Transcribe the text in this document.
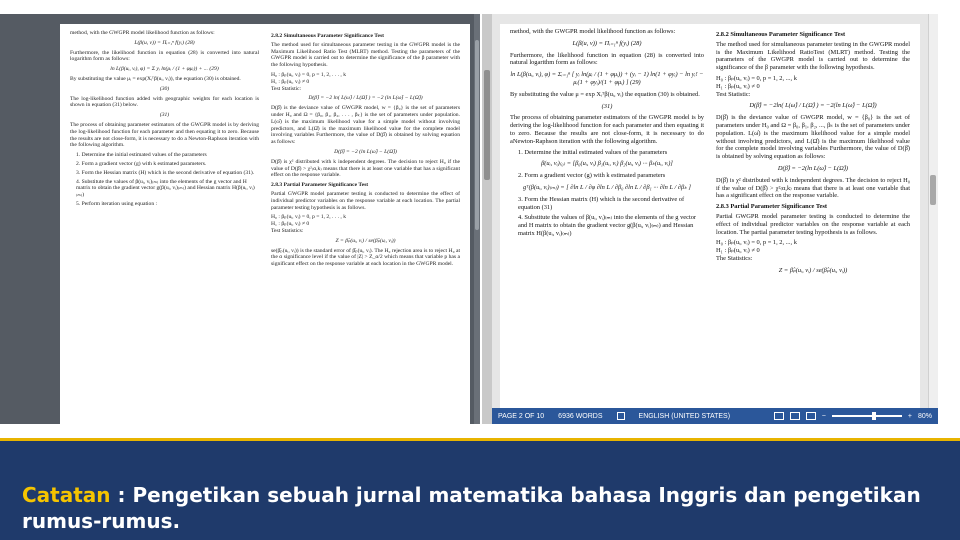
method, with the GWGPR model likelihood function as follows:

L(β(u, v)) = Πᵢ₌₁ⁿ f(yᵢ) (28)

Furthermore, the likelihood function in equation (28) is converted into natural logarithm form as follows:

ln L(β(uᵢ, vᵢ), φ) = Σ yᵢ ln(μᵢ / (1 + φμᵢ)) + ... (29)

By substituting the value μᵢ = exp(Xᵢᵀβ(uᵢ, vᵢ)), the equation (30) is obtained.

(30)

The log-likelihood function added with geographic weights for each location is shown in equation (31) below.

(31)

The process of obtaining parameter estimators of the GWGPR model is by deriving the log-likelihood function for each parameter and then equating it to zero. Because the results are not close-form, it is necessary to do a Newton-Raphson iteration with the following algorithm.

1. Determine the initial estimated values of the parameters
2. Form a gradient vector (g) with k estimated parameters.
3. Form the Hessian matrix (H) which is the second derivative of equation (31).
4. Substitute the values of β(uᵢ, vᵢ)₍ₘ₎ into the elements of the g vector and H matrix to obtain the gradient vector g(β(uᵢ, vᵢ)₍ₘ₎) and Hessian matrix H(β(uᵢ, vᵢ)₍ₘ₎)
5. Perform iteration using equation :
2.8.2 Simultaneous Parameter Significance Test

The method used for simultaneous parameter testing in the GWGPR model is the Maximum Likelihood Ratio Test (MLRT) method. Testing the parameters of the GWGPR model is carried out to determine the significance of the β parameter with the following hypothesis.

H₀ : βₚ(uᵢ, vᵢ) = 0, p = 1, 2, . . . , k
H₁ : βₚ(uᵢ, vᵢ) ≠ 0
Test Statistic:
D(β̂) = −2 ln( L(ω̂) / L(Ω̂) ) = −2 (ln L(ω̂) − L(Ω̂))

D(β̂) is the deviance value of GWGPR model, w = {β₀} is the set of parameters under H₀ and Ω = {β₀, β₁, β₂, . . . , βₖ} is the set of parameters under population. L(ω̂) is the maximum likelihood value for a simple model without involving predictors, and L(Ω̂) is the maximum likelihood value for the complete model involving variables Furthermore, the value of D(β̂) is obtained by solving equation as follows:

D(β̂) = −2 (ln L(ω̂) − L(Ω̂))

D(β̂) is χ² distributed with k independent degrees. The decision to reject H₀ if the value of D(β̂) > χ²₍α,k₎ means that there is at least one variable that has a significant effect on the response variable.

2.8.3 Partial Parameter Significance Test

Partial GWGPR model parameter testing is conducted to determine the effect of individual predictor variables on the response variable at each location. The partial parameter testing hypothesis is as follows.

H₀ : βₚ(uᵢ, vᵢ) = 0, p = 1, 2, . . . , k
H₁ : βₚ(uᵢ, vᵢ) ≠ 0
Test Statistics:
Z = β̂ₚ(uᵢ, vᵢ) / se(β̂ₚ(uᵢ, vᵢ))

se(β̂ₚ(uᵢ, vᵢ)) is the standard error of β̂ₚ(uᵢ, vᵢ). The H₀ rejection area is to reject H₀ at the α significance level if the value of |Z| > Z_α/2 which means that variable p has a significant effect on the response variable at each location in the GWGPR model.

method, with the GWGPR model likelihood function as follows:

L(β(u, v)) = Πᵢ₌₁ⁿ f(yᵢ) (28)

Furthermore, the likelihood function in equation (28) is converted into natural logarithm form as follows:

ln L(β(uᵢ, vᵢ), φ) = Σᵢ₌₁ⁿ [ yᵢ ln(μᵢ / (1 + φμᵢ)) + (yᵢ − 1) ln(1 + φyᵢ) − ln yᵢ! − μᵢ(1 + φyᵢ)/(1 + φμᵢ) ] (29)

By substituting the value μ = exp Xᵢᵀβ(uᵢ, vᵢ) the equation (30) is obtained.

(31)

The process of obtaining parameter estimators of the GWGPR model is by deriving the log-likelihood function for each parameter and then equating it to zero. Because the results are not close-form, it is necessary to do aNewton-Raphson iteration with the following algorithm.

1. Determine the initial estimated values of the parameters
β(uᵢ, vᵢ)₍₀₎ = [β₀(uᵢ, vᵢ) β₁(uᵢ, vᵢ) β₂(uᵢ, vᵢ) ··· βₖ(uᵢ, vᵢ)]
2. Form a gradient vector (g) with k estimated parameters
gᵀ(β(uᵢ, vᵢ)₍ₘ₎) = [ ∂ln L / ∂φ ∂ln L / ∂β₀ ∂ln L / ∂β₁ ··· ∂ln L / ∂βₖ ]
3. Form the Hessian matrix (H) which is the second derivative of equation (31)
4. Substitute the values of β(uᵢ, vᵢ)₍ₘ₎ into the elements of the g vector and H matrix to obtain the gradient vector g(β(uᵢ, vᵢ)₍ₘ₎) and Hessian matrix H(β(uᵢ, vᵢ)₍ₘ₎)
2.8.2 Simultaneous Parameter Significance Test

The method used for simultaneous parameter testing in the GWGPR model is the Maximum Likelihood RatioTest (MLRT) method. Testing the parameters of the GWGPR model is carried out to determine the significance of the β parameter with the following hypothesis.

H₀ : βₚ(uᵢ, vᵢ) = 0, p = 1, 2, ..., k
H₁ : βₚ(uᵢ, vᵢ) ≠ 0
Test Statistic:
D(β̂) = −2ln( L(ω̂) / L(Ω̂) ) = −2(ln L(ω̂) − L(Ω̂))

D(β̂) is the deviance value of GWGPR model, w = {β₀} is the set of parameters under H₀ and Ω = β₀, β₁, β₂, ..., βₖ is the set of parameters under population. L(ω̂) is the maximum likelihood value for a simple model without involving predictors, and L(Ω̂) is the maximum likelihood value for the complete model involving variables Furthermore, the value of D(β̂) is obtained by solving equation as follows:

D(β̂) = −2(ln L(ω̂) − L(Ω̂))

D(β̂) is χ² distributed with k independent degrees. The decision to reject H₀ if the value of D(β̂) > χ²₍α,k₎ means that there is at least one variable that has a significant effect on the response variable.

2.8.3 Partial Parameter Significance Test

Partial GWGPR model parameter testing is conducted to determine the effect of individual predictor variables on the response variable at each location. The partial parameter testing hypothesis is as follows.

H₀ : βₚ(uᵢ, vᵢ) = 0, p = 1, 2, ..., k
H₁ : βₚ(uᵢ, vᵢ) ≠ 0
The Statistics:
Z = β̂ₚ(uᵢ, vᵢ) / se(β̂ₚ(uᵢ, vᵢ))
PAGE 2 OF 10 6936 WORDS	ENGLISH (UNITED STATES)	−	+ 80%
Catatan : Pengetikan sebuah jurnal matematika bahasa Inggris dan pengetikan rumus-rumus.
